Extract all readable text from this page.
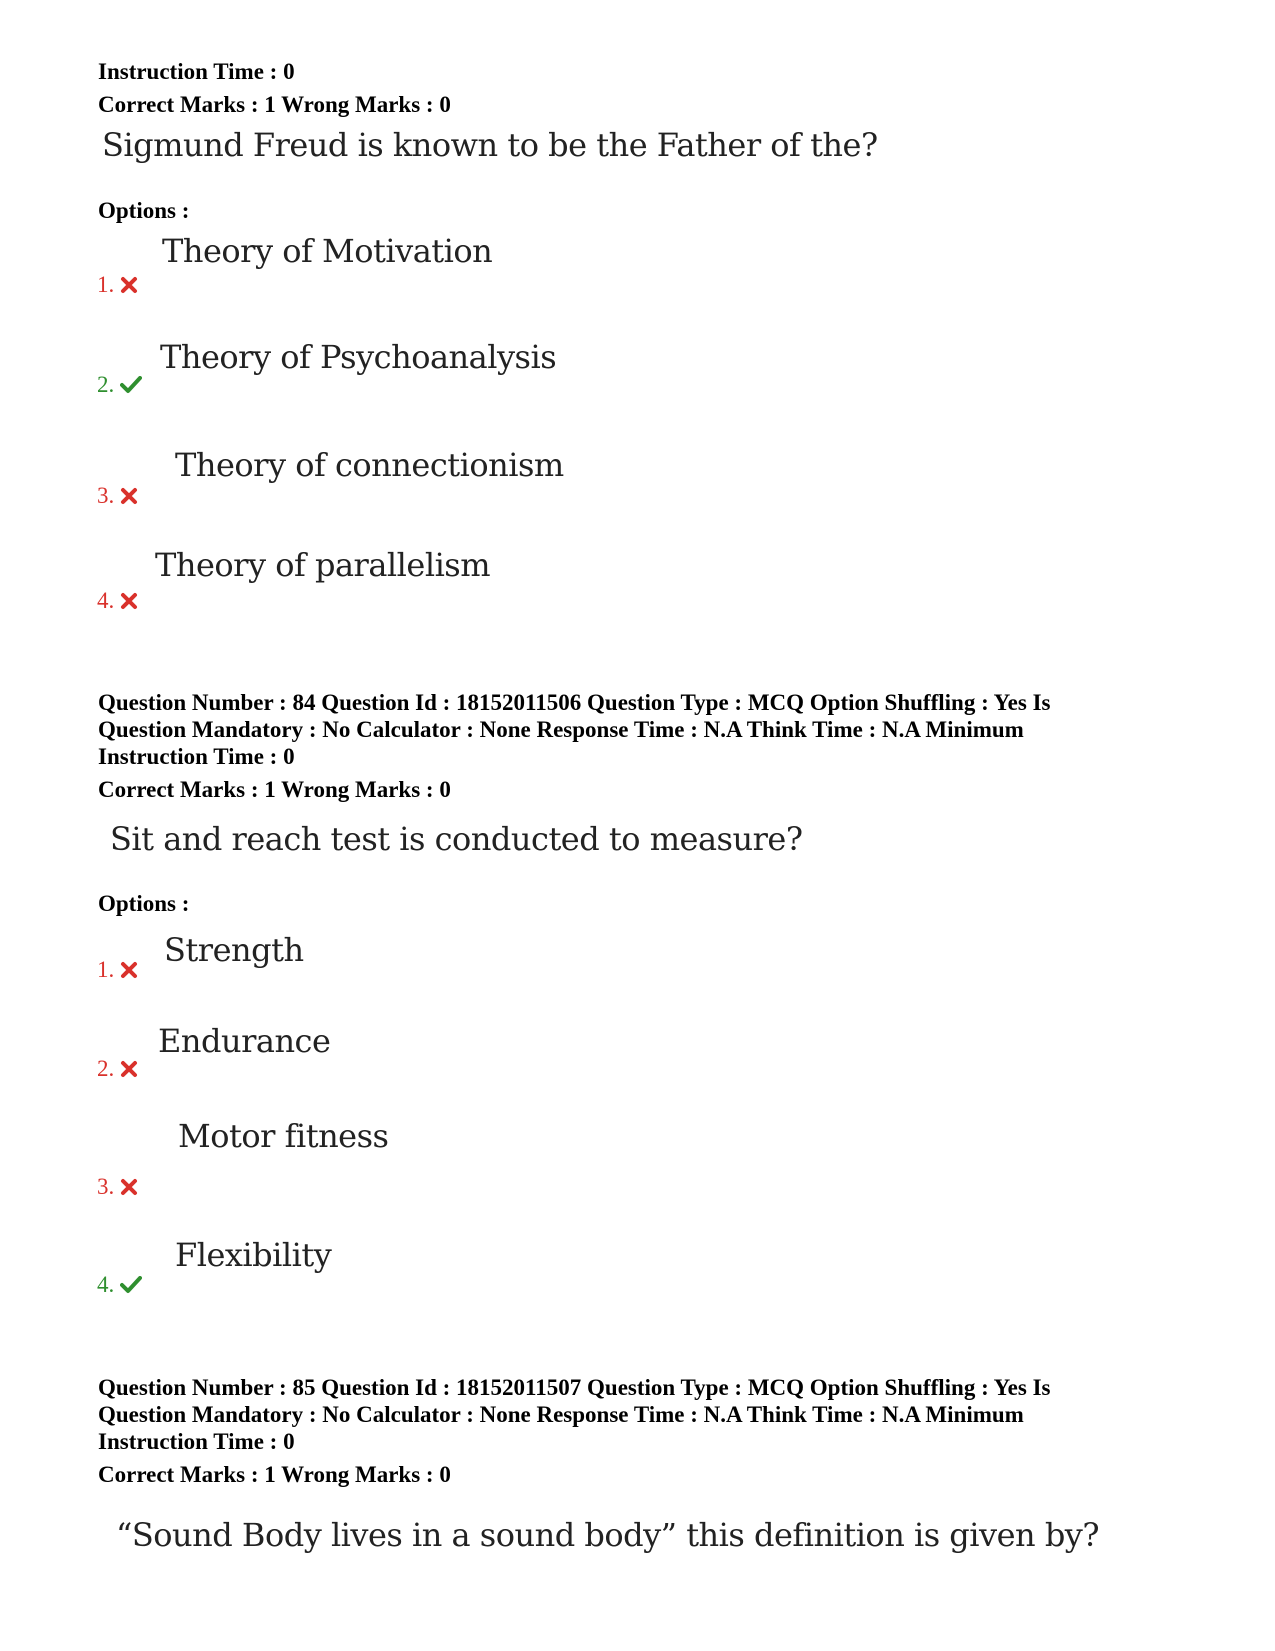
Instruction Time : 0
Correct Marks : 1 Wrong Marks : 0
Sigmund Freud is known to be the Father of the?
Options :
Theory of Motivation
1.
Theory of Psychoanalysis
2.
Theory of connectionism
3.
Theory of parallelism
4.
Question Number : 84 Question Id : 18152011506 Question Type : MCQ Option Shuffling : Yes Is
Question Mandatory : No Calculator : None Response Time : N.A Think Time : N.A Minimum
Instruction Time : 0
Correct Marks : 1 Wrong Marks : 0
Sit and reach test is conducted to measure?
Options :
Strength
1.
Endurance
2.
Motor fitness
3.
Flexibility
4.
Question Number : 85 Question Id : 18152011507 Question Type : MCQ Option Shuffling : Yes Is
Question Mandatory : No Calculator : None Response Time : N.A Think Time : N.A Minimum
Instruction Time : 0
Correct Marks : 1 Wrong Marks : 0
“Sound Body lives in a sound body” this definition is given by?
